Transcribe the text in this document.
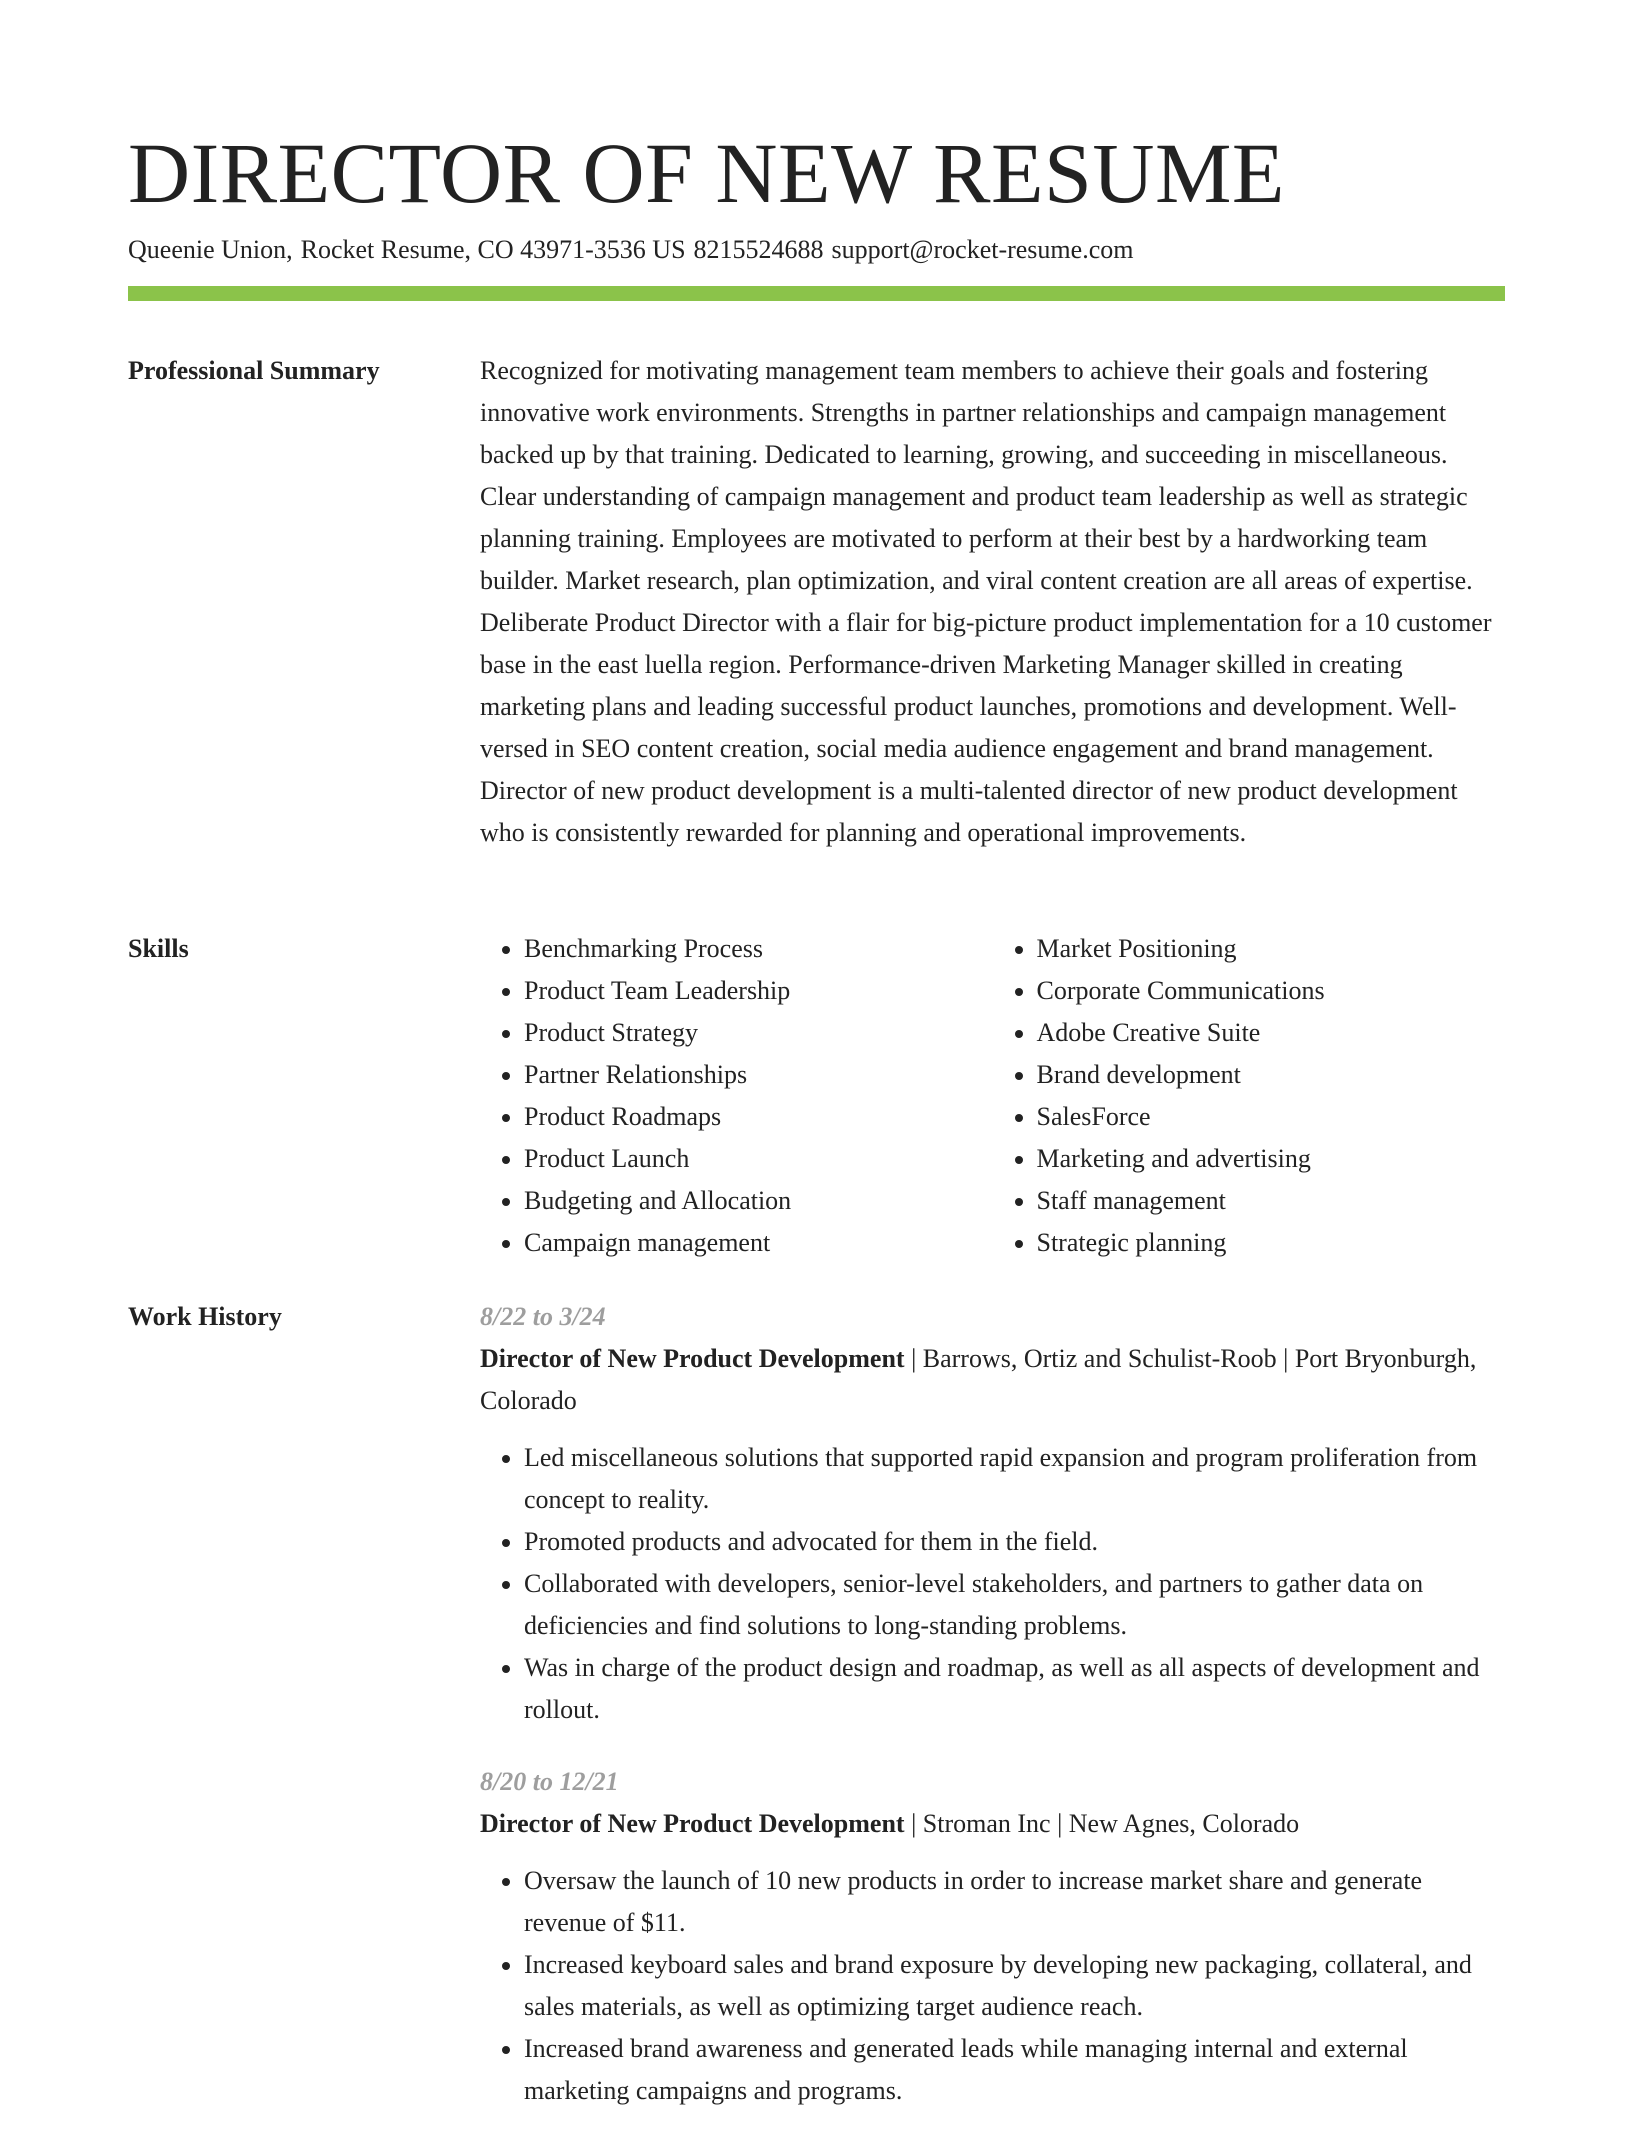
DIRECTOR OF NEW RESUME
Queenie Union, Rocket Resume, CO 43971-3536 US 8215524688 support@rocket-resume.com
Professional Summary	Recognized for motivating management team members to achieve their goals and fostering innovative work environments. Strengths in partner relationships and campaign management backed up by that training. Dedicated to learning, growing, and succeeding in miscellaneous. Clear understanding of campaign management and product team leadership as well as strategic planning training. Employees are motivated to perform at their best by a hardworking team builder. Market research, plan optimization, and viral content creation are all areas of expertise. Deliberate Product Director with a flair for big-picture product implementation for a 10 customer base in the east luella region. Performance-driven Marketing Manager skilled in creating marketing plans and leading successful product launches, promotions and development. Well-versed in SEO content creation, social media audience engagement and brand management. Director of new product development is a multi-talented director of new product development who is consistently rewarded for planning and operational improvements.

Skills
•	Benchmarking Process
• Product Team Leadership
• Product Strategy
• Partner Relationships
• Product Roadmaps
• Product Launch
• Budgeting and Allocation
• Campaign management
• Market Positioning
• Corporate Communications
• Adobe Creative Suite
• Brand development
• SalesForce
• Marketing and advertising
• Staff management
• Strategic planning
Work History	8/22 to 3/24
Director of New Product Development | Barrows, Ortiz and Schulist-Roob | Port Bryonburgh, Colorado
• Led miscellaneous solutions that supported rapid expansion and program proliferation from concept to reality.
• Promoted products and advocated for them in the field.
• Collaborated with developers, senior-level stakeholders, and partners to gather data on deficiencies and find solutions to long-standing problems.
• Was in charge of the product design and roadmap, as well as all aspects of development and rollout.
8/20 to 12/21
Director of New Product Development | Stroman Inc | New Agnes, Colorado
• Oversaw the launch of 10 new products in order to increase market share and generate revenue of $11.
• Increased keyboard sales and brand exposure by developing new packaging, collateral, and sales materials, as well as optimizing target audience reach.
• Increased brand awareness and generated leads while managing internal and external marketing campaigns and programs.
